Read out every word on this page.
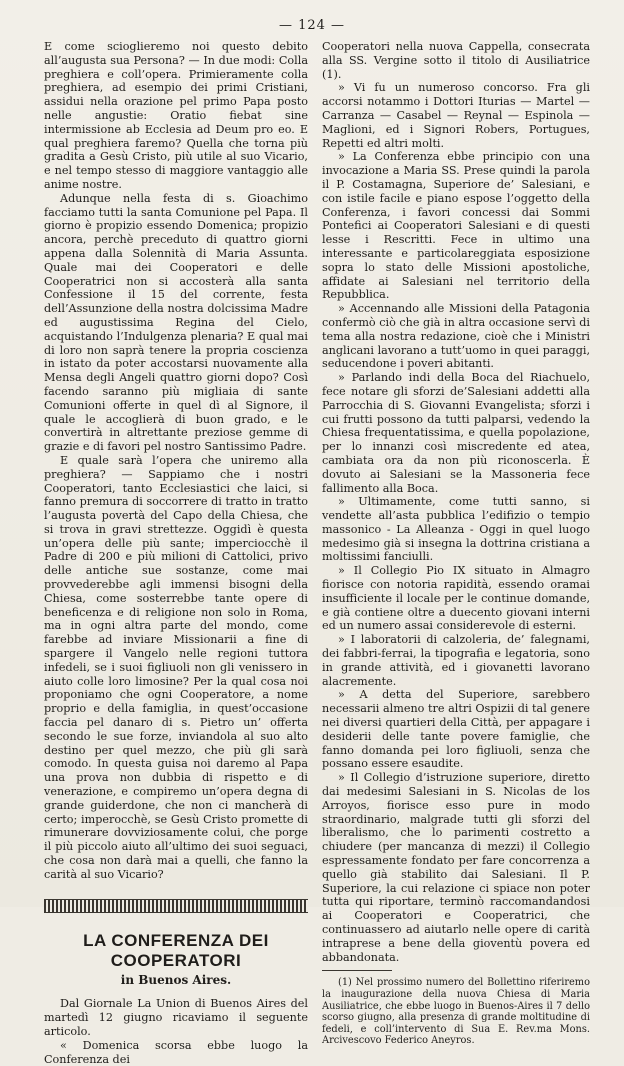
— 124 —

E come scioglieremo noi questo debito all’augusta sua Persona? — In due modi: Colla preghiera e coll’opera. Primieramente colla preghiera, ad esempio dei primi Cristiani, assidui nella orazione pel primo Papa posto nelle angustie: Oratio fiebat sine intermissione ab Ecclesia ad Deum pro eo. E qual preghiera faremo? Quella che torna più gradita a Gesù Cristo, più utile al suo Vicario, e nel tempo stesso di maggiore vantaggio alle anime nostre.

Adunque nella festa di s. Gioachimo facciamo tutti la santa Comunione pel Papa. Il giorno è propizio essendo Domenica; propizio ancora, perchè preceduto di quattro giorni appena dalla Solennità di Maria Assunta. Quale mai dei Cooperatori e delle Cooperatrici non si accosterà alla santa Confessione il 15 del corrente, festa dell’Assunzione della nostra dolcissima Madre ed augustissima Regina del Cielo, acquistando l’Indulgenza plenaria? E qual mai di loro non saprà tenere la propria coscienza in istato da poter accostarsi nuovamente alla Mensa degli Angeli quattro giorni dopo? Così facendo saranno più migliaia di sante Comunioni offerte in quel dì al Signore, il quale le accoglierà di buon grado, e le convertirà in altrettante preziose gemme di grazie e di favori pel nostro Santissimo Padre.

E quale sarà l’opera che uniremo alla preghiera? — Sappiamo che i nostri Cooperatori, tanto Ecclesiastici che laici, si fanno premura di soccorrere di tratto in tratto l’augusta povertà del Capo della Chiesa, che si trova in gravi strettezze. Oggidì è questa un’opera delle più sante; imperciocchè il Padre di 200 e più milioni di Cattolici, privo delle antiche sue sostanze, come mai provvederebbe agli immensi bisogni della Chiesa, come sosterrebbe tante opere di beneficenza e di religione non solo in Roma, ma in ogni altra parte del mondo, come farebbe ad inviare Missionarii a fine di spargere il Vangelo nelle regioni tuttora infedeli, se i suoi figliuoli non gli venissero in aiuto colle loro limosine? Per la qual cosa noi proponiamo che ogni Cooperatore, a nome proprio e della famiglia, in quest’occasione faccia pel danaro di s. Pietro un’ offerta secondo le sue forze, inviandola al suo alto destino per quel mezzo, che più gli sarà comodo. In questa guisa noi daremo al Papa una prova non dubbia di rispetto e di venerazione, e compiremo un’opera degna di grande guiderdone, che non ci mancherà di certo; imperocchè, se Gesù Cristo promette di rimunerare dovviziosamente colui, che porge il più piccolo aiuto all’ultimo dei suoi seguaci, che cosa non darà mai a quelli, che fanno la carità al suo Vicario?

LA CONFERENZA DEI COOPERATORI
in Buenos Aires.

Dal Giornale La Union di Buenos Aires del martedì 12 giugno ricaviamo il seguente articolo.

« Domenica scorsa ebbe luogo la Conferenza dei

Cooperatori nella nuova Cappella, consecrata alla SS. Vergine sotto il titolo di Ausiliatrice (1).

» Vi fu un numeroso concorso. Fra gli accorsi notammo i Dottori Iturias — Martel — Carranza — Casabel — Reynal — Espinola — Maglioni, ed i Signori Robers, Portugues, Repetti ed altri molti.

» La Conferenza ebbe principio con una invocazione a Maria SS. Prese quindi la parola il P. Costamagna, Superiore de’ Salesiani, e con istile facile e piano espose l’oggetto della Conferenza, i favori concessi dai Sommi Pontefici ai Cooperatori Salesiani e di questi lesse i Rescritti. Fece in ultimo una interessante e particolareggiata esposizione sopra lo stato delle Missioni apostoliche, affidate ai Salesiani nel territorio della Repubblica.

» Accennando alle Missioni della Patagonia confermò ciò che già in altra occasione servì di tema alla nostra redazione, cioè che i Ministri anglicani lavorano a tutt’uomo in quei paraggi, seducendone i poveri abitanti.

» Parlando indi della Boca del Riachuelo, fece notare gli sforzi de’Salesiani addetti alla Parrocchia di S. Giovanni Evangelista; sforzi i cui frutti possono da tutti palparsi, vedendo la Chiesa frequentatissima, e quella popolazione, per lo innanzi così miscredente ed atea, cambiata ora da non più riconoscerla. È dovuto ai Salesiani se la Massoneria fece fallimento alla Boca.

» Ultimamente, come tutti sanno, si vendette all’asta pubblica l’edifizio o tempio massonico - La Alleanza - Oggi in quel luogo medesimo già si insegna la dottrina cristiana a moltissimi fanciulli.

» Il Collegio Pio IX situato in Almagro fiorisce con notoria rapidità, essendo oramai insufficiente il locale per le continue domande, e già contiene oltre a duecento giovani interni ed un numero assai considerevole di esterni.

» I laboratorii di calzoleria, de’ falegnami, dei fabbri-ferrai, la tipografia e legatoria, sono in grande attività, ed i giovanetti lavorano alacremente.

» A detta del Superiore, sarebbero necessarii almeno tre altri Ospizii di tal genere nei diversi quartieri della Città, per appagare i desiderii delle tante povere famiglie, che fanno domanda pei loro figliuoli, senza che possano essere esaudite.

» Il Collegio d’istruzione superiore, diretto dai medesimi Salesiani in S. Nicolas de los Arroyos, fiorisce esso pure in modo straordinario, malgrade tutti gli sforzi del liberalismo, che lo parimenti costretto a chiudere (per mancanza di mezzi) il Collegio espressamente fondato per fare concorrenza a quello già stabilito dai Salesiani. Il P. Superiore, la cui relazione ci spiace non poter tutta qui riportare, terminò raccomandandosi ai Cooperatori e Cooperatrici, che continuassero ad aiutarlo nelle opere di carità intraprese a bene della gioventù povera ed abbandonata.

(1) Nel prossimo numero del Bollettino riferiremo la inaugurazione della nuova Chiesa di Maria Ausiliatrice, che ebbe luogo in Buenos-Aires il 7 dello scorso giugno, alla presenza di grande moltitudine di fedeli, e coll’intervento di Sua E. Rev.ma Mons. Arcivescovo Federico Aneyros.
